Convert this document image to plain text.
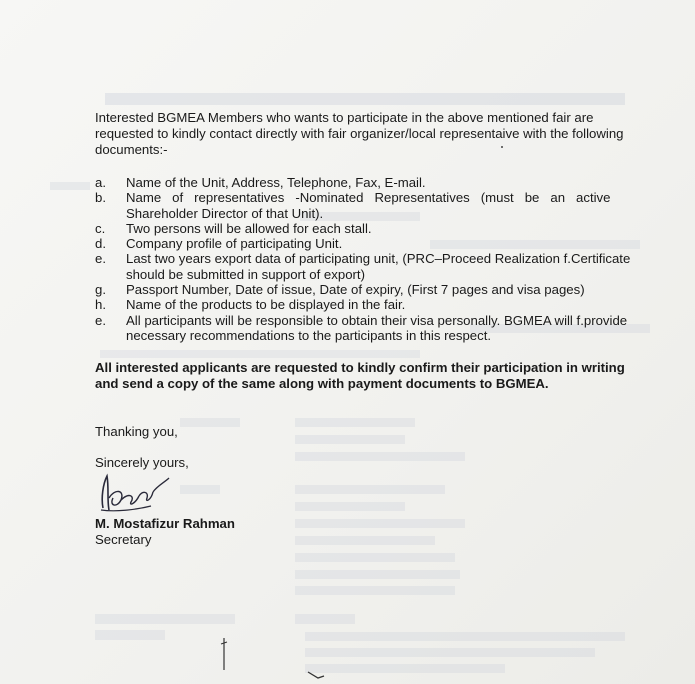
Interested BGMEA Members who wants to participate in the above mentioned fair are

requested to kindly contact directly with fair organizer/local representaive with the following

documents:-

a.	Name of the Unit, Address, Telephone, Fax, E-mail.
b.	Name   of   representatives   -Nominated   Representatives   (must   be   an   active
Shareholder Director of that Unit).
c.	Two persons will be allowed for each stall.
d.	Company profile of participating Unit.
e.	Last two years export data of participating unit, (PRC–Proceed Realization f.Certificate
should be submitted in support of export)
g.	Passport Number, Date of issue, Date of expiry, (First 7 pages and visa pages)
h.	Name of the products to be displayed in the fair.
e.	All participants will be responsible to obtain their visa personally. BGMEA will f.provide
necessary recommendations to the participants in this respect.

All interested applicants are requested to kindly confirm their participation in writing

and send a copy of the same along with payment documents to BGMEA.

Thanking you,
Sincerely yours,
M. Mostafizur Rahman
Secretary
